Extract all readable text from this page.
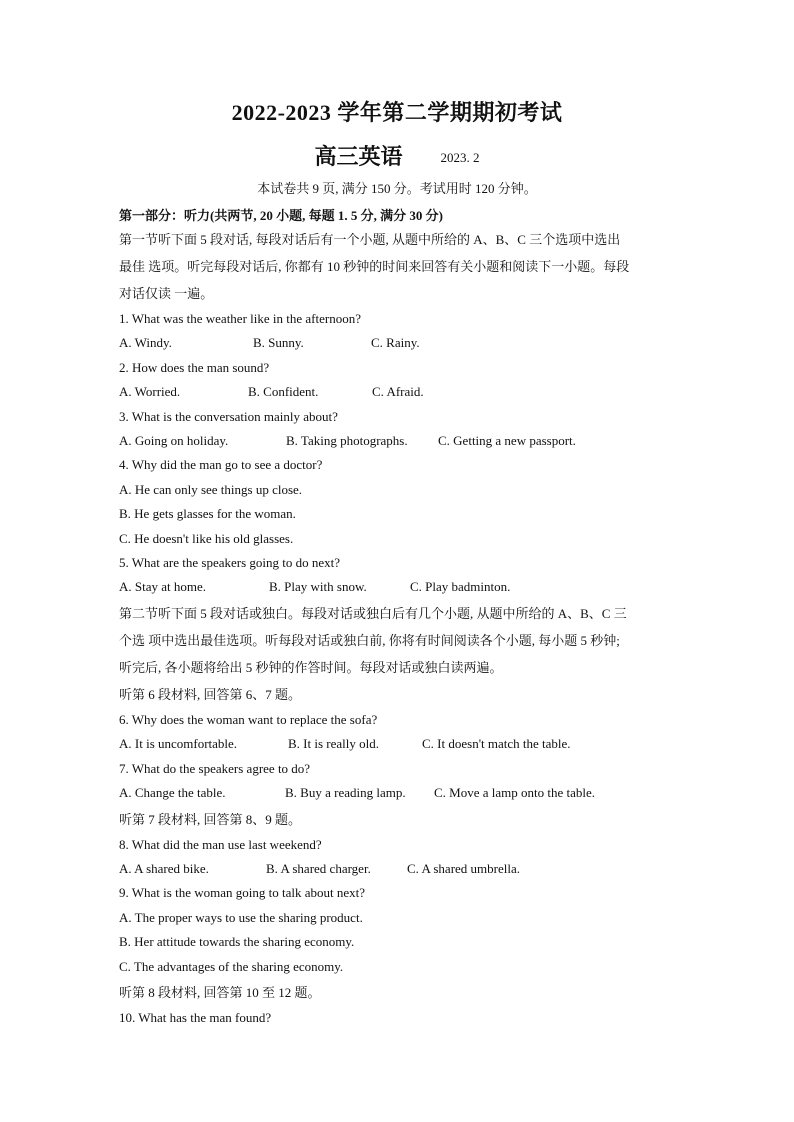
2022-2023 学年第二学期期初考试
高三英语	2023. 2
本试卷共 9 页, 满分 150 分。考试用时 120 分钟。
第一部分：听力(共两节, 20 小题, 每题 1. 5 分, 满分 30 分)
第一节听下面 5 段对话, 每段对话后有一个小题, 从题中所给的 A、B、C 三个选项中选出
最佳 选项。听完每段对话后, 你都有 10 秒钟的时间来回答有关小题和阅读下一小题。每段
对话仅读 一遍。
1. What was the weather like in the afternoon?
A. Windy.	B. Sunny.	C. Rainy.
2. How does the man sound?
A. Worried.	B. Confident.	C. Afraid.
3. What is the conversation mainly about?
A. Going on holiday.	B. Taking photographs.	C. Getting a new passport.
4. Why did the man go to see a doctor?
A. He can only see things up close.
B. He gets glasses for the woman.
C. He doesn't like his old glasses.
5. What are the speakers going to do next?
A. Stay at home.	B. Play with snow.	C. Play badminton.
第二节听下面 5 段对话或独白。每段对话或独白后有几个小题, 从题中所给的 A、B、C 三
个选 项中选出最佳选项。听每段对话或独白前, 你将有时间阅读各个小题, 每小题 5 秒钟;
听完后, 各小题将给出 5 秒钟的作答时间。每段对话或独白读两遍。
听第 6 段材料, 回答第 6、7 题。
6. Why does the woman want to replace the sofa?
A. It is uncomfortable.	B. It is really old.	C. It doesn't match the table.
7. What do the speakers agree to do?
A. Change the table.	B. Buy a reading lamp.	C. Move a lamp onto the table.
听第 7 段材料, 回答第 8、9 题。
8. What did the man use last weekend?
A. A shared bike.	B. A shared charger.	C. A shared umbrella.
9. What is the woman going to talk about next?
A. The proper ways to use the sharing product.
B. Her attitude towards the sharing economy.
C. The advantages of the sharing economy.
听第 8 段材料, 回答第 10 至 12 题。
10. What has the man found?
